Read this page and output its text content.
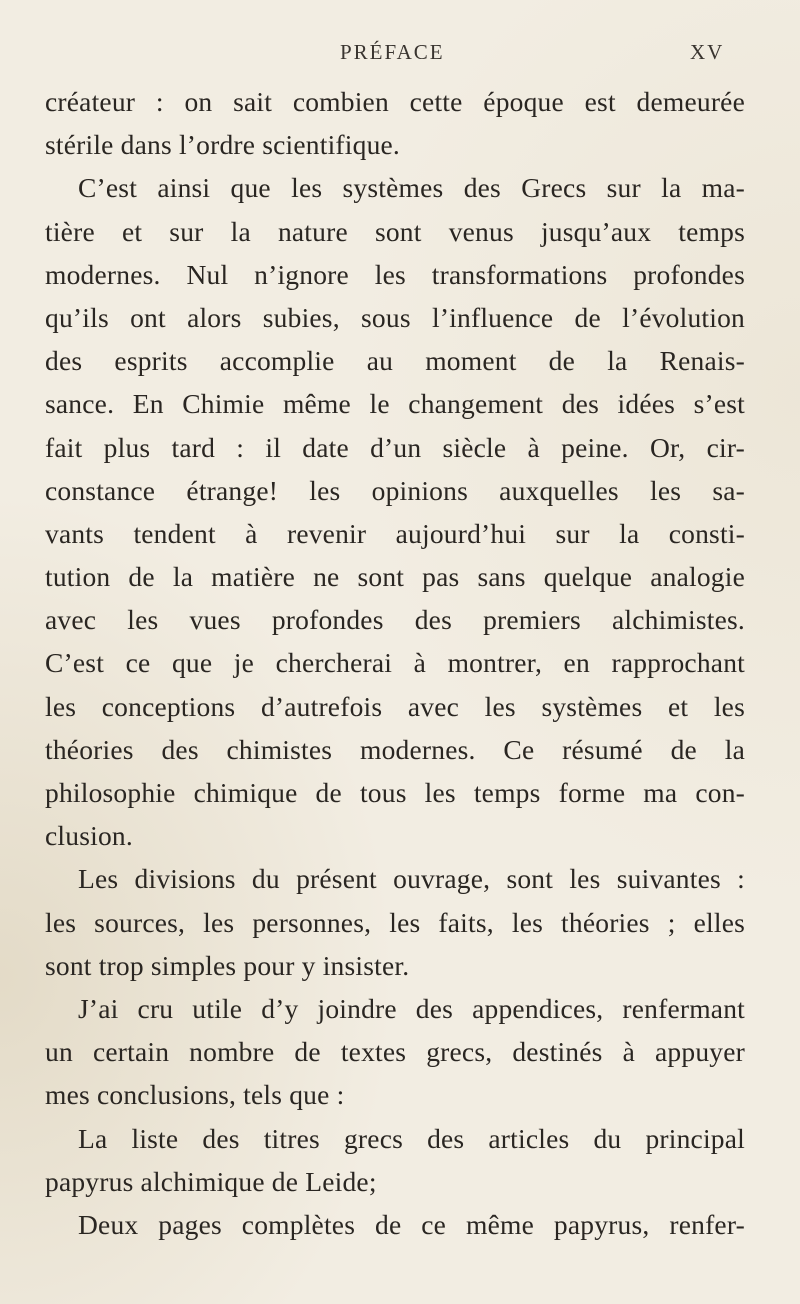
PRÉFACE	XV
créateur : on sait combien cette époque est demeurée
stérile dans l’ordre scientifique.
C’est ainsi que les systèmes des Grecs sur la ma-
tière et sur la nature sont venus jusqu’aux temps
modernes. Nul n’ignore les transformations profondes
qu’ils ont alors subies, sous l’influence de l’évolution
des esprits accomplie au moment de la Renais-
sance. En Chimie même le changement des idées s’est
fait plus tard : il date d’un siècle à peine. Or, cir-
constance étrange! les opinions auxquelles les sa-
vants tendent à revenir aujourd’hui sur la consti-
tution de la matière ne sont pas sans quelque analogie
avec les vues profondes des premiers alchimistes.
C’est ce que je chercherai à montrer, en rapprochant
les conceptions d’autrefois avec les systèmes et les
théories des chimistes modernes. Ce résumé de la
philosophie chimique de tous les temps forme ma con-
clusion.
Les divisions du présent ouvrage, sont les suivantes :
les sources, les personnes, les faits, les théories ; elles
sont trop simples pour y insister.
J’ai cru utile d’y joindre des appendices, renfermant
un certain nombre de textes grecs, destinés à appuyer
mes conclusions, tels que :
La liste des titres grecs des articles du principal
papyrus alchimique de Leide;
Deux pages complètes de ce même papyrus, renfer-
